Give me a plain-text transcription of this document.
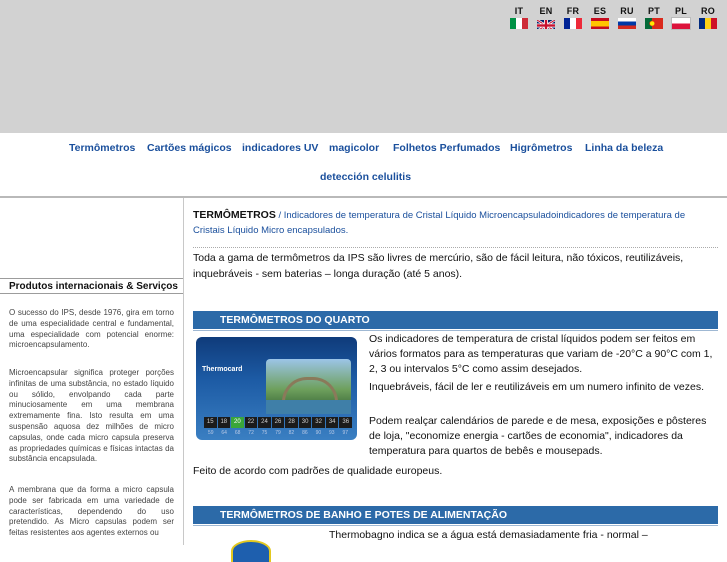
IT	EN	FR	ES	RU	PT	PL	RO
Termômetros Cartões mágicos indicadores UV magicolor Folhetos Perfumados Higrômetros Linha da beleza
detección celulitis
Produtos internacionais & Serviços

O sucesso do IPS, desde 1976, gira em torno de uma especialidade central e fundamental, uma especialidade com potencial enorme: microencapsulamento.

Microencapsular significa proteger porções infinitas de uma substância, no estado líquido ou sólido, envolpando cada parte minuciosamente em uma membrana extremamente fina. Isto resulta em uma suspensão aquosa dez milhões de micro capsulas, onde cada micro capsula preserva as propriedades químicas e físicas intactas da substância encapsulada.

A membrana que da forma a micro capsula pode ser fabricada em uma variedade de características, dependendo do uso pretendido. As Micro capsulas podem ser feitas resistentes aos agentes externos ou

TERMÔMETROS / Indicadores de temperatura de Cristal Líquido Microencapsuladoindicadores de temperatura de Cristais Líquido Micro encapsulados.

Toda a gama de termômetros da IPS são livres de mercúrio, são de fácil leitura, não tóxicos, reutilizáveis, inquebráveis - sem baterias – longa duração (até 5 anos).

TERMÔMETROS DO QUARTO
Thermocard
15	18	20	22	24	26	28	30	32	34	36
59	64	68	72	75	79	82	86	90	93	97

Os indicadores de temperatura de cristal líquidos podem ser feitos em vários formatos para as temperaturas que variam de -20°C a 90°C com 1, 2, 3 ou intervalos 5°C como assim desejados.

Inquebráveis, fácil de ler e reutilizáveis em um numero infinito de vezes.

Podem realçar calendários de parede e de mesa, exposições e pôsteres de loja, "economize energia - cartões de economia", indicadores da temperatura para quartos de bebês e mousepads.

Feito de acordo com padrões de qualidade europeus.

TERMÔMETROS DE BANHO E POTES DE ALIMENTAÇÃO

Thermobagno indica se a água está demasiadamente fria - normal –
